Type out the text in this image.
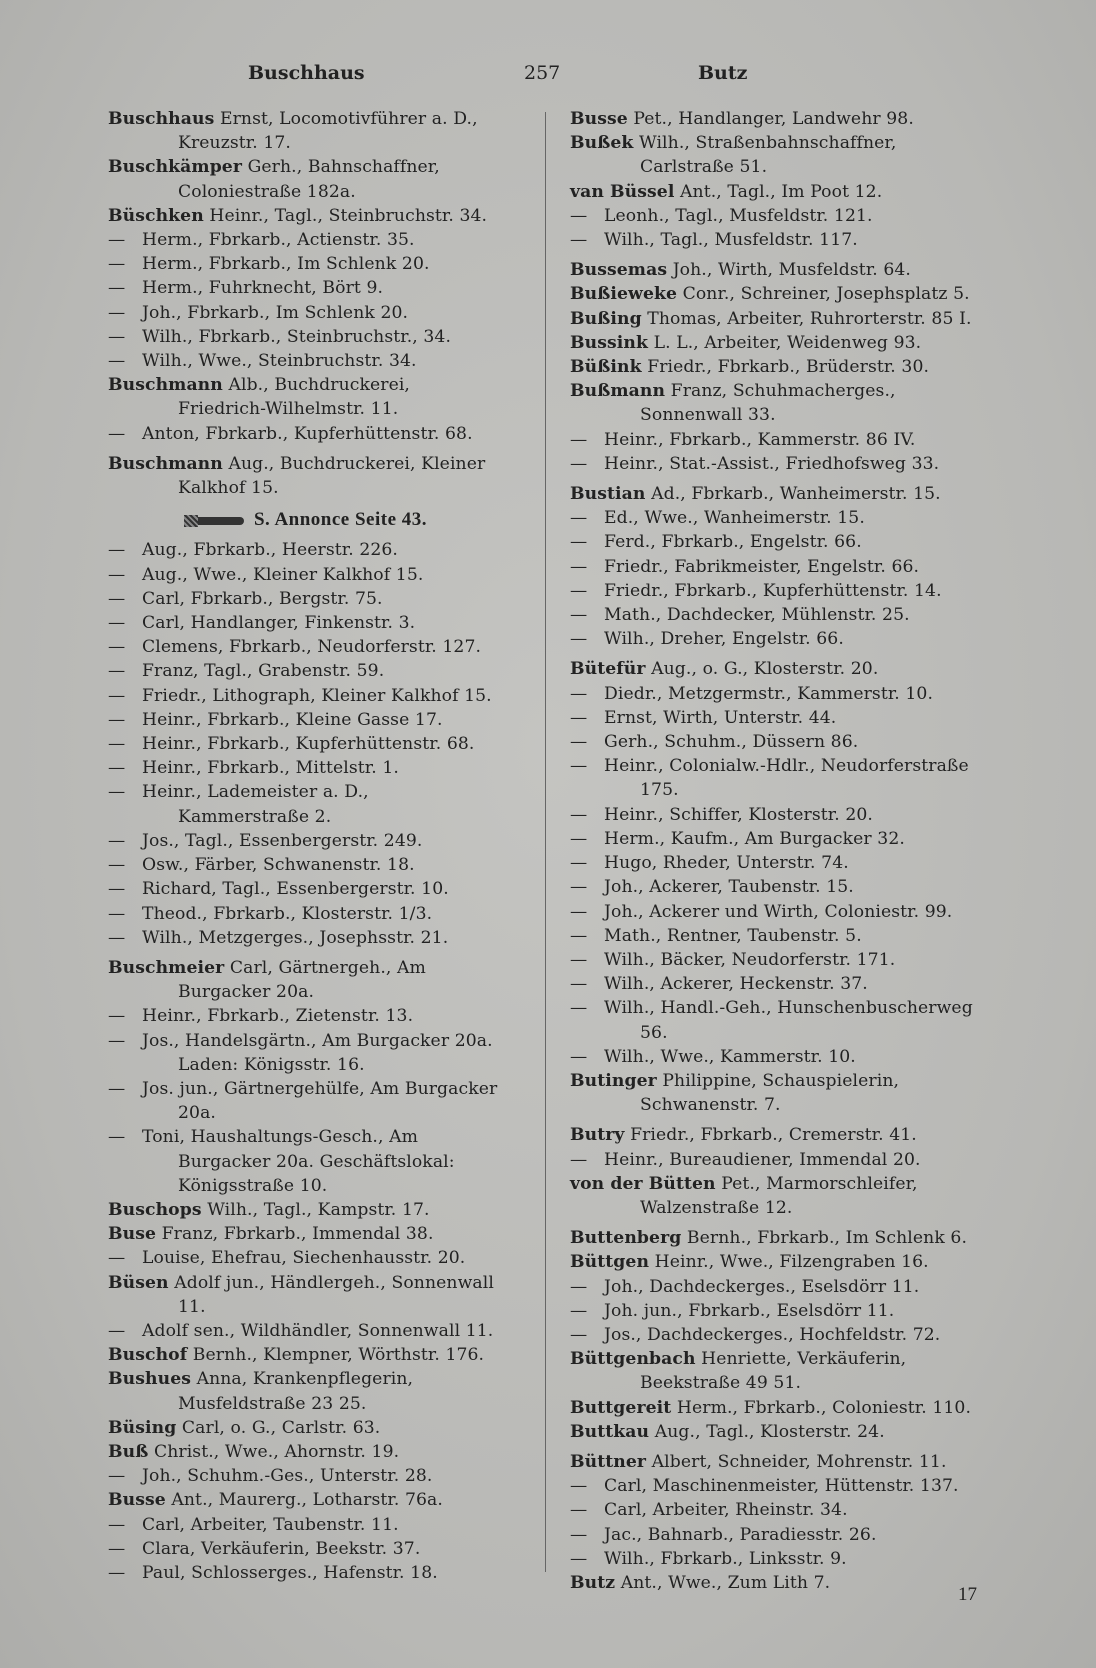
Buschhaus	257	Butz
Buschhaus Ernst, Locomotivführer a. D., Kreuzstr. 17.
Buschkämper Gerh., Bahnschaffner, Coloniestraße 182a.
Büschken Heinr., Tagl., Steinbruchstr. 34.
— Herm., Fbrkarb., Actienstr. 35.
— Herm., Fbrkarb., Im Schlenk 20.
— Herm., Fuhrknecht, Bört 9.
— Joh., Fbrkarb., Im Schlenk 20.
— Wilh., Fbrkarb., Steinbruchstr., 34.
— Wilh., Wwe., Steinbruchstr. 34.
Buschmann Alb., Buchdruckerei, Friedrich-Wilhelmstr. 11.
— Anton, Fbrkarb., Kupferhüttenstr. 68.
Buschmann Aug., Buchdruckerei, Kleiner Kalkhof 15.
S. Annonce Seite 43.
— Aug., Fbrkarb., Heerstr. 226.
— Aug., Wwe., Kleiner Kalkhof 15.
— Carl, Fbrkarb., Bergstr. 75.
— Carl, Handlanger, Finkenstr. 3.
— Clemens, Fbrkarb., Neudorferstr. 127.
— Franz, Tagl., Grabenstr. 59.
— Friedr., Lithograph, Kleiner Kalkhof 15.
— Heinr., Fbrkarb., Kleine Gasse 17.
— Heinr., Fbrkarb., Kupferhüttenstr. 68.
— Heinr., Fbrkarb., Mittelstr. 1.
— Heinr., Lademeister a. D., Kammerstraße 2.
— Jos., Tagl., Essenbergerstr. 249.
— Osw., Färber, Schwanenstr. 18.
— Richard, Tagl., Essenbergerstr. 10.
— Theod., Fbrkarb., Klosterstr. 1/3.
— Wilh., Metzgerges., Josephsstr. 21.
Buschmeier Carl, Gärtnergeh., Am Burgacker 20a.
— Heinr., Fbrkarb., Zietenstr. 13.
— Jos., Handelsgärtn., Am Burgacker 20a. Laden: Königsstr. 16.
— Jos. jun., Gärtnergehülfe, Am Burgacker 20a.
— Toni, Haushaltungs-Gesch., Am Burgacker 20a. Geschäftslokal: Königsstraße 10.
Buschops Wilh., Tagl., Kampstr. 17.
Buse Franz, Fbrkarb., Immendal 38.
— Louise, Ehefrau, Siechenhausstr. 20.
Büsen Adolf jun., Händlergeh., Sonnenwall 11.
— Adolf sen., Wildhändler, Sonnenwall 11.
Buschof Bernh., Klempner, Wörthstr. 176.
Bushues Anna, Krankenpflegerin, Musfeldstraße 23 25.
Büsing Carl, o. G., Carlstr. 63.
Buß Christ., Wwe., Ahornstr. 19.
— Joh., Schuhm.-Ges., Unterstr. 28.
Busse Ant., Maurerg., Lotharstr. 76a.
— Carl, Arbeiter, Taubenstr. 11.
— Clara, Verkäuferin, Beekstr. 37.
— Paul, Schlosserges., Hafenstr. 18.
Busse Pet., Handlanger, Landwehr 98.
Bußek Wilh., Straßenbahnschaffner, Carlstraße 51.
van Büssel Ant., Tagl., Im Poot 12.
— Leonh., Tagl., Musfeldstr. 121.
— Wilh., Tagl., Musfeldstr. 117.
Bussemas Joh., Wirth, Musfeldstr. 64.
Bußieweke Conr., Schreiner, Josephsplatz 5.
Bußing Thomas, Arbeiter, Ruhrorterstr. 85 I.
Bussink L. L., Arbeiter, Weidenweg 93.
Büßink Friedr., Fbrkarb., Brüderstr. 30.
Bußmann Franz, Schuhmacherges., Sonnenwall 33.
— Heinr., Fbrkarb., Kammerstr. 86 IV.
— Heinr., Stat.-Assist., Friedhofsweg 33.
Bustian Ad., Fbrkarb., Wanheimerstr. 15.
— Ed., Wwe., Wanheimerstr. 15.
— Ferd., Fbrkarb., Engelstr. 66.
— Friedr., Fabrikmeister, Engelstr. 66.
— Friedr., Fbrkarb., Kupferhüttenstr. 14.
— Math., Dachdecker, Mühlenstr. 25.
— Wilh., Dreher, Engelstr. 66.
Bütefür Aug., o. G., Klosterstr. 20.
— Diedr., Metzgermstr., Kammerstr. 10.
— Ernst, Wirth, Unterstr. 44.
— Gerh., Schuhm., Düssern 86.
— Heinr., Colonialw.-Hdlr., Neudorferstraße 175.
— Heinr., Schiffer, Klosterstr. 20.
— Herm., Kaufm., Am Burgacker 32.
— Hugo, Rheder, Unterstr. 74.
— Joh., Ackerer, Taubenstr. 15.
— Joh., Ackerer und Wirth, Coloniestr. 99.
— Math., Rentner, Taubenstr. 5.
— Wilh., Bäcker, Neudorferstr. 171.
— Wilh., Ackerer, Heckenstr. 37.
— Wilh., Handl.-Geh., Hunschenbuscherweg 56.
— Wilh., Wwe., Kammerstr. 10.
Butinger Philippine, Schauspielerin, Schwanenstr. 7.
Butry Friedr., Fbrkarb., Cremerstr. 41.
— Heinr., Bureaudiener, Immendal 20.
von der Bütten Pet., Marmorschleifer, Walzenstraße 12.
Buttenberg Bernh., Fbrkarb., Im Schlenk 6.
Büttgen Heinr., Wwe., Filzengraben 16.
— Joh., Dachdeckerges., Eselsdörr 11.
— Joh. jun., Fbrkarb., Eselsdörr 11.
— Jos., Dachdeckerges., Hochfeldstr. 72.
Büttgenbach Henriette, Verkäuferin, Beekstraße 49 51.
Buttgereit Herm., Fbrkarb., Coloniestr. 110.
Buttkau Aug., Tagl., Klosterstr. 24.
Büttner Albert, Schneider, Mohrenstr. 11.
— Carl, Maschinenmeister, Hüttenstr. 137.
— Carl, Arbeiter, Rheinstr. 34.
— Jac., Bahnarb., Paradiesstr. 26.
— Wilh., Fbrkarb., Linksstr. 9.
Butz Ant., Wwe., Zum Lith 7.
17
